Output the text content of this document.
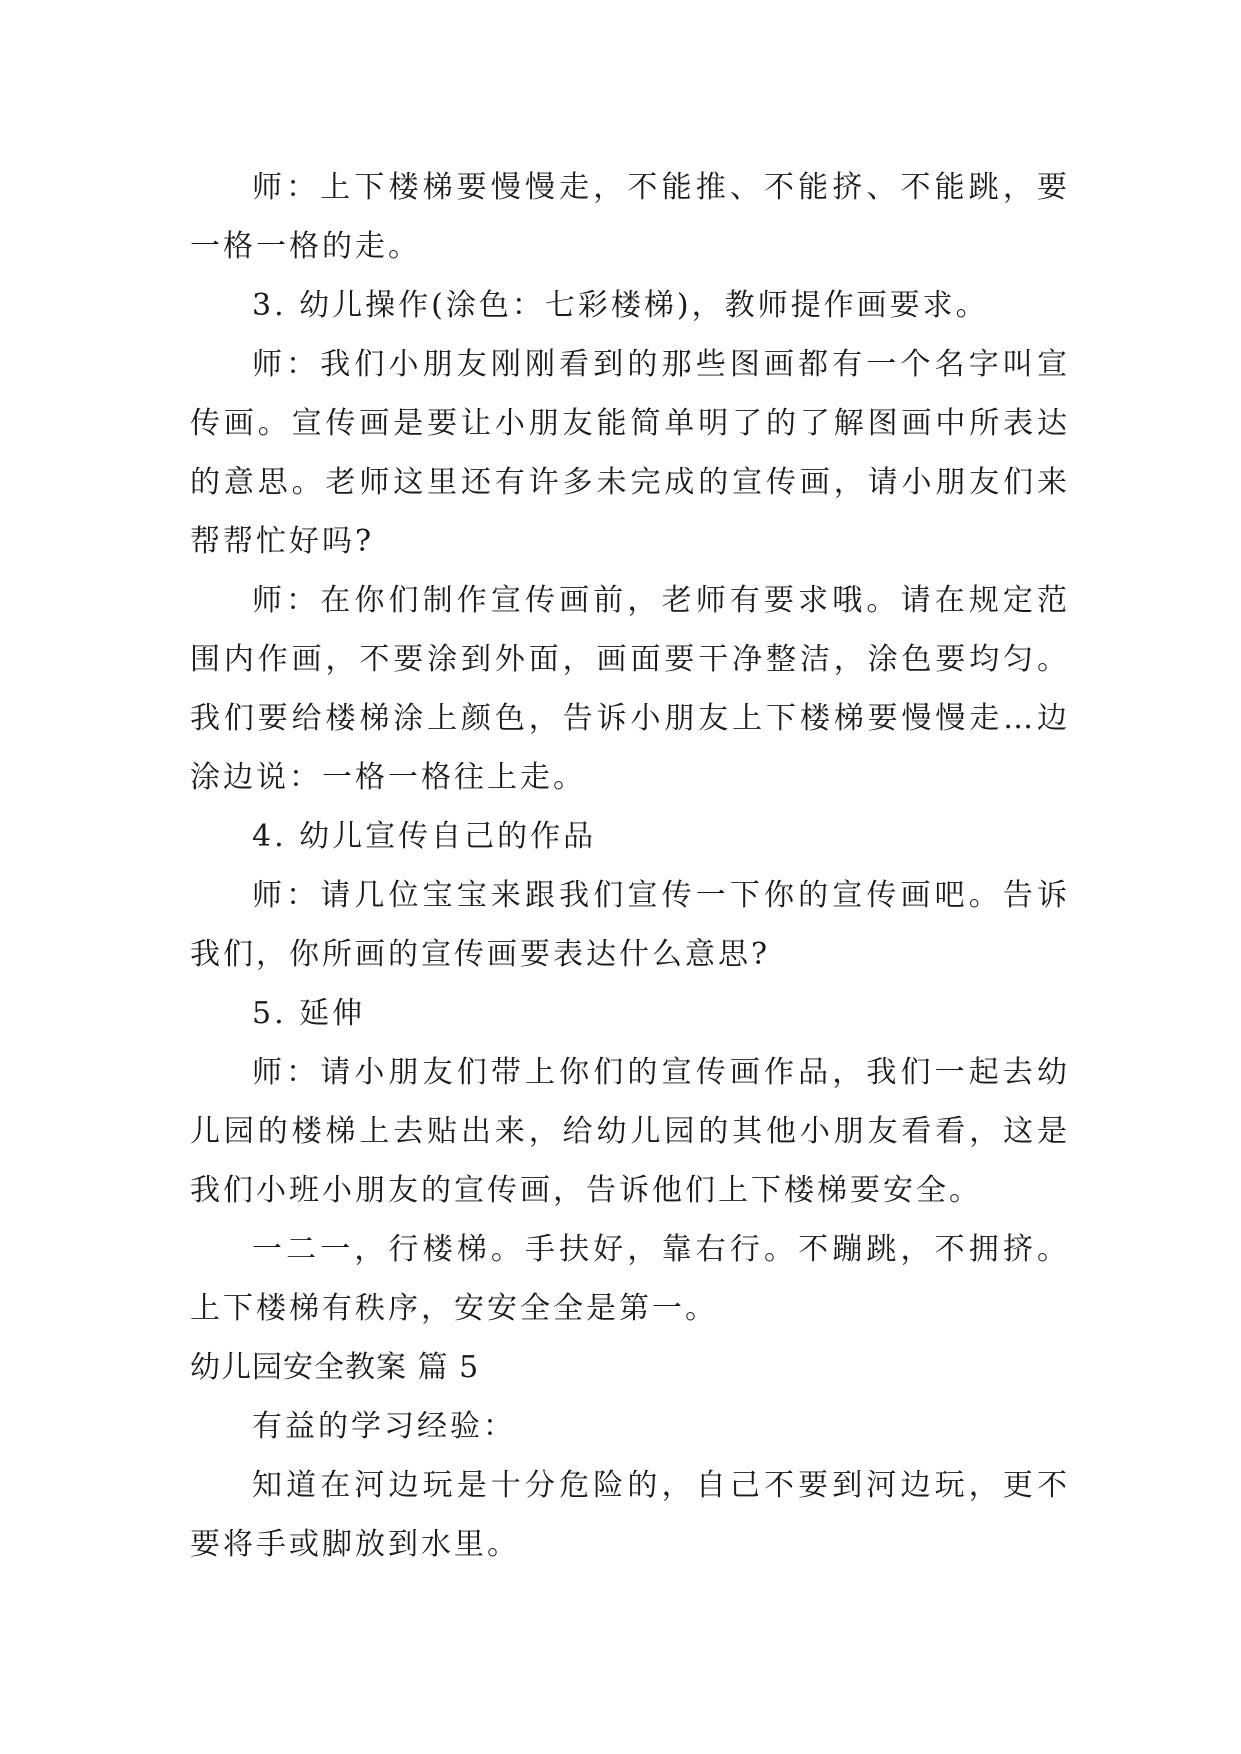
师：上下楼梯要慢慢走，不能推、不能挤、不能跳，要一格一格的走。

3. 幼儿操作(涂色：七彩楼梯)，教师提作画要求。

师：我们小朋友刚刚看到的那些图画都有一个名字叫宣传画。宣传画是要让小朋友能简单明了的了解图画中所表达的意思。老师这里还有许多未完成的宣传画，请小朋友们来帮帮忙好吗?

师：在你们制作宣传画前，老师有要求哦。请在规定范围内作画，不要涂到外面，画面要干净整洁，涂色要均匀。我们要给楼梯涂上颜色，告诉小朋友上下楼梯要慢慢走…边涂边说：一格一格往上走。

4. 幼儿宣传自己的作品

师：请几位宝宝来跟我们宣传一下你的宣传画吧。告诉我们，你所画的宣传画要表达什么意思?

5. 延伸

师：请小朋友们带上你们的宣传画作品，我们一起去幼儿园的楼梯上去贴出来，给幼儿园的其他小朋友看看，这是我们小班小朋友的宣传画，告诉他们上下楼梯要安全。

一二一，行楼梯。手扶好，靠右行。不蹦跳，不拥挤。上下楼梯有秩序，安安全全是第一。

幼儿园安全教案 篇 5

有益的学习经验：

知道在河边玩是十分危险的，自己不要到河边玩，更不要将手或脚放到水里。
